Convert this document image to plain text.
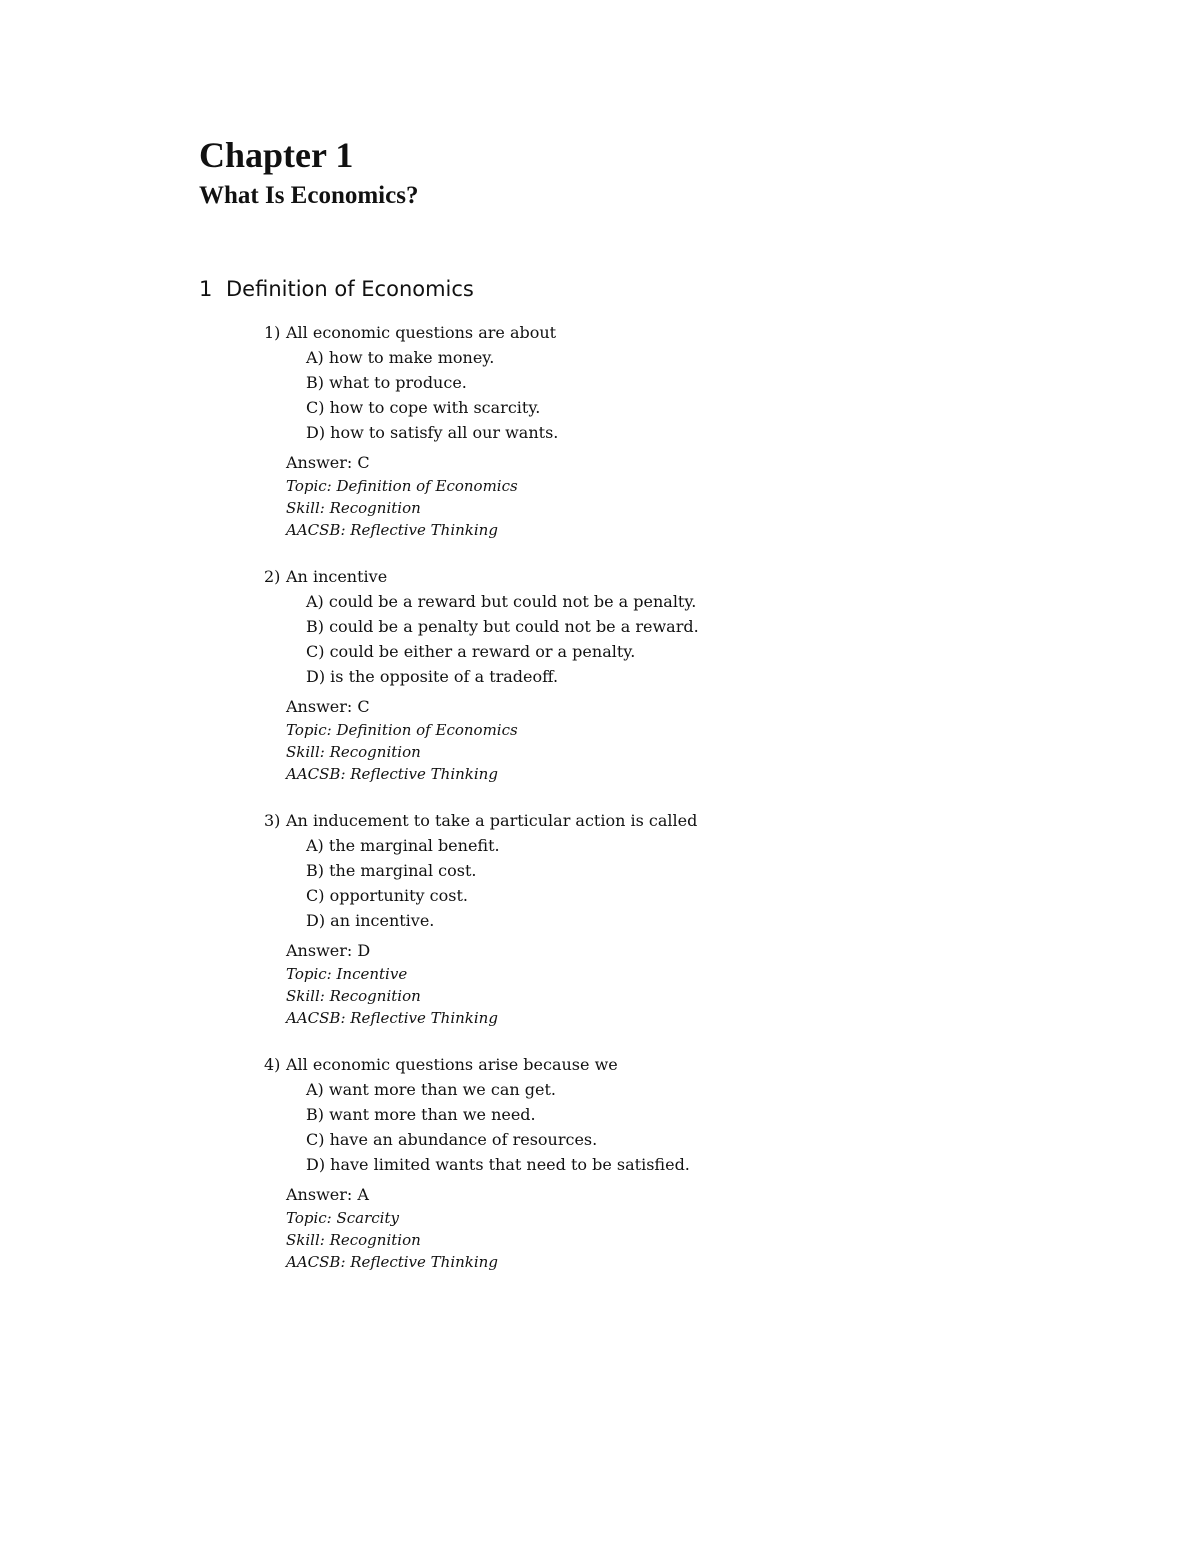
Chapter 1
What Is Economics?
1 Definition of Economics
1) All economic questions are about
A) how to make money.
B) what to produce.
C) how to cope with scarcity.
D) how to satisfy all our wants.
Answer: C
Topic: Definition of Economics
Skill: Recognition
AACSB: Reflective Thinking
2) An incentive
A) could be a reward but could not be a penalty.
B) could be a penalty but could not be a reward.
C) could be either a reward or a penalty.
D) is the opposite of a tradeoff.
Answer: C
Topic: Definition of Economics
Skill: Recognition
AACSB: Reflective Thinking
3) An inducement to take a particular action is called
A) the marginal benefit.
B) the marginal cost.
C) opportunity cost.
D) an incentive.
Answer: D
Topic: Incentive
Skill: Recognition
AACSB: Reflective Thinking
4) All economic questions arise because we
A) want more than we can get.
B) want more than we need.
C) have an abundance of resources.
D) have limited wants that need to be satisfied.
Answer: A
Topic: Scarcity
Skill: Recognition
AACSB: Reflective Thinking
